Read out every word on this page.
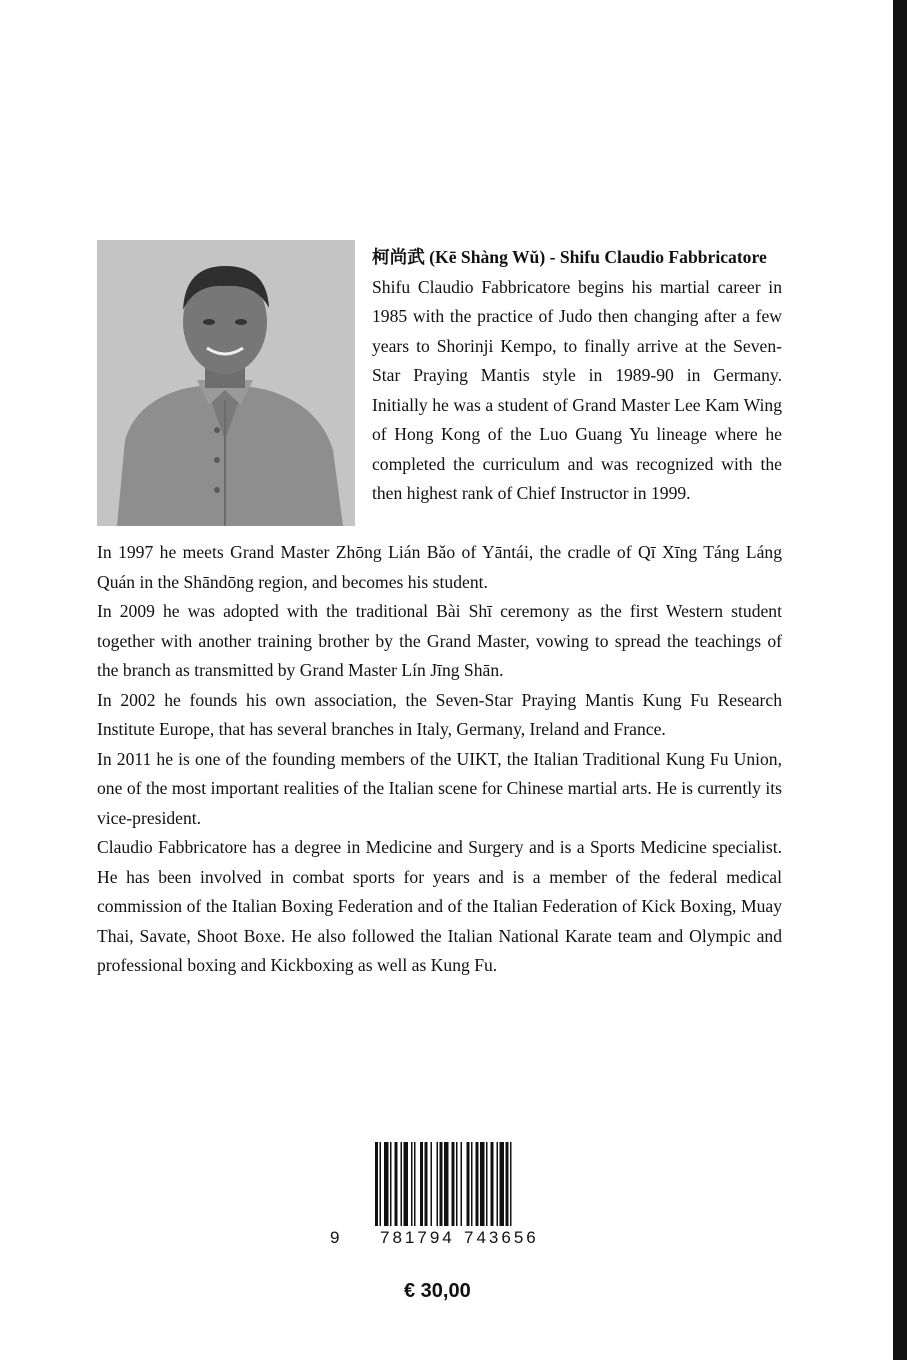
柯尚武 (Kē Shàng Wǔ) - Shifu Claudio Fabbricatore

Shifu Claudio Fabbricatore begins his martial career in 1985 with the practice of Judo then changing after a few years to Shorinji Kempo, to finally arrive at the Seven-Star Praying Mantis style in 1989-90 in Germany. Initially he was a student of Grand Master Lee Kam Wing of Hong Kong of the Luo Guang Yu lineage where he completed the curriculum and was recognized with the then highest rank of Chief Instructor in 1999.

In 1997 he meets Grand Master Zhōng Lián Bǎo of Yāntái, the cradle of Qī Xīng Táng Láng Quán in the Shāndōng region, and becomes his student.

In 2009 he was adopted with the traditional Bài Shī ceremony as the first Western student together with another training brother by the Grand Master, vowing to spread the teachings of the branch as transmitted by Grand Master Lín Jīng Shān.

In 2002 he founds his own association, the Seven-Star Praying Mantis Kung Fu Research Institute Europe, that has several branches in Italy, Germany, Ireland and France.

In 2011 he is one of the founding members of the UIKT, the Italian Traditional Kung Fu Union, one of the most important realities of the Italian scene for Chinese martial arts. He is currently its vice-president.

Claudio Fabbricatore has a degree in Medicine and Surgery and is a Sports Medicine specialist. He has been involved in combat sports for years and is a member of the federal medical commission of the Italian Boxing Federation and of the Italian Federation of Kick Boxing, Muay Thai, Savate, Shoot Boxe. He also followed the Italian National Karate team and Olympic and professional boxing and Kickboxing as well as Kung Fu.

9 781794 743656
€ 30,00
